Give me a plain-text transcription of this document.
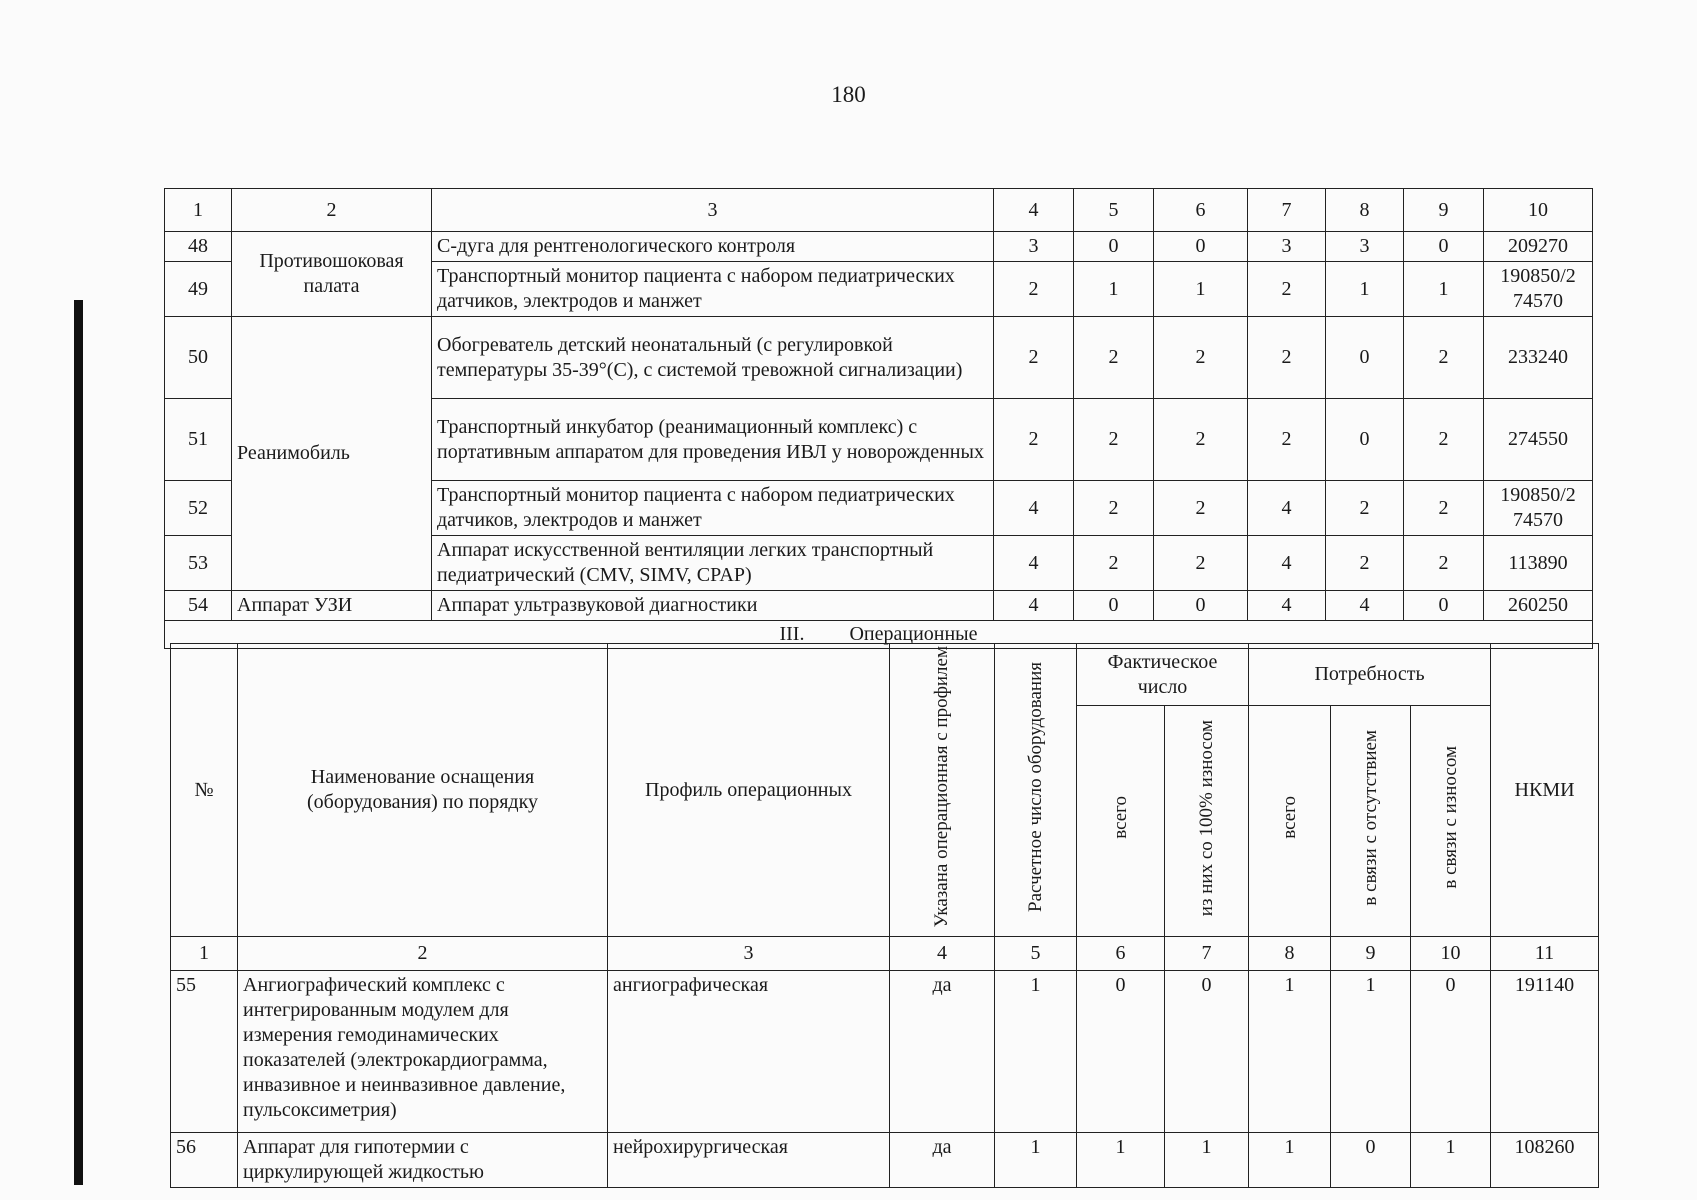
180
1	2	3	4	5	6	7	8	9	10
48	Противошоковая палата	С-дуга для рентгенологического контроля	3	0	0	3	3	0	209270
49		Транспортный монитор пациента с набором педиатрических датчиков, электродов и манжет	2	1	1	2	1	1	190850/2 74570
50	Реанимобиль	Обогреватель детский неонатальный (с регулировкой температуры 35-39°(С), с системой тревожной сигнализации)	2	2	2	2	0	2	233240
51		Транспортный инкубатор (реанимационный комплекс) с портативным аппаратом для проведения ИВЛ у новорожденных	2	2	2	2	0	2	274550
52		Транспортный монитор пациента с набором педиатрических датчиков, электродов и манжет	4	2	2	4	2	2	190850/2 74570
53		Аппарат искусственной вентиляции легких транспортный педиатрический (CMV, SIMV, CPAP)	4	2	2	4	2	2	113890
54	Аппарат УЗИ	Аппарат ультразвуковой диагностики	4	0	0	4	4	0	260250
III. Операционные									
№	Наименование оснащения (оборудования) по порядку	Профиль операционных	Указана операционная с профилем	Расчетное число оборудования	Фактическое число		Потребность			НКМИ
					всего	из них со 100% износом	всего	в связи с отсутствием	в связи с износом	
1	2	3	4	5	6	7	8	9	10	11
55	Ангиографический комплекс с интегрированным модулем для измерения гемодинамических показателей (электрокардиограмма, инвазивное и неинвазивное давление, пульсоксиметрия)	ангиографическая	да	1	0	0	1	1	0	191140
56	Аппарат для гипотермии с циркулирующей жидкостью	нейрохирургическая	да	1	1	1	1	0	1	108260
